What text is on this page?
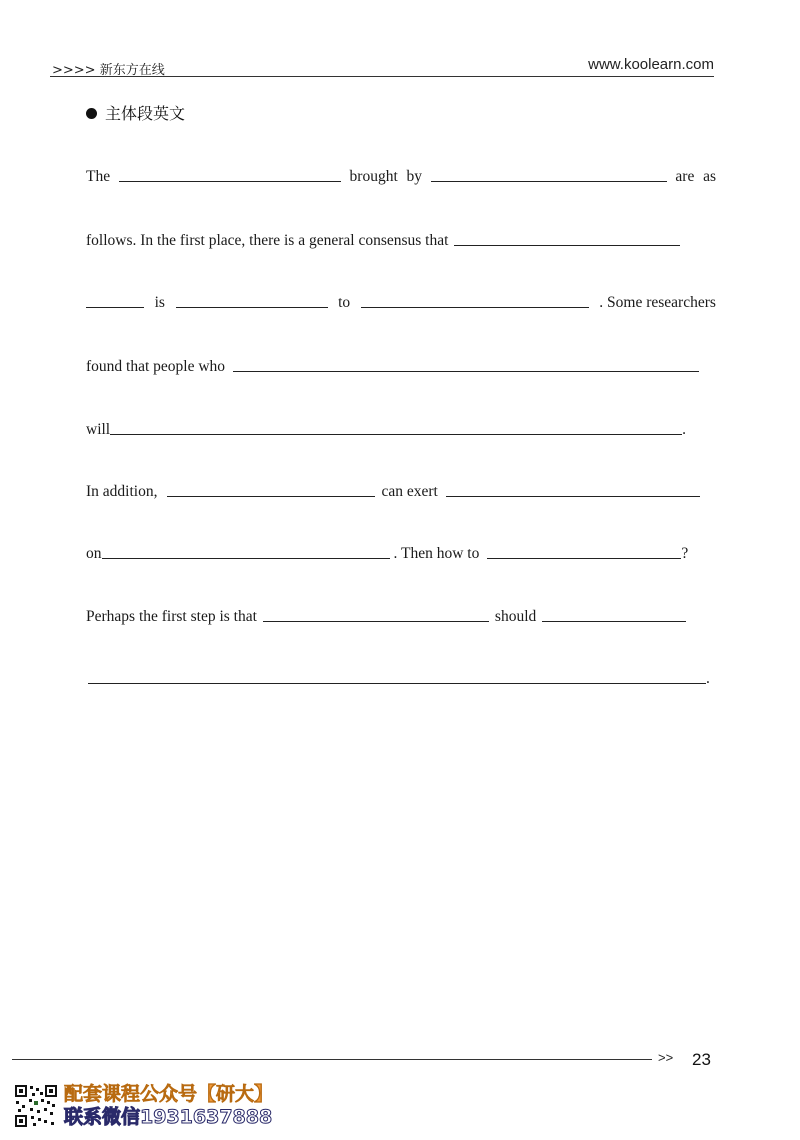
>>>> 新东方在线	www.koolearn.com
主体段英文
The	brought by	are as
follows. In the first place, there is a general consensus that
is	to	. Some researchers
found that people who
will	.
In addition,	can exert
on	. Then how to	?
Perhaps the first step is that	should
.
>> 23
配套课程公众号【研大】
联系微信1931637888
